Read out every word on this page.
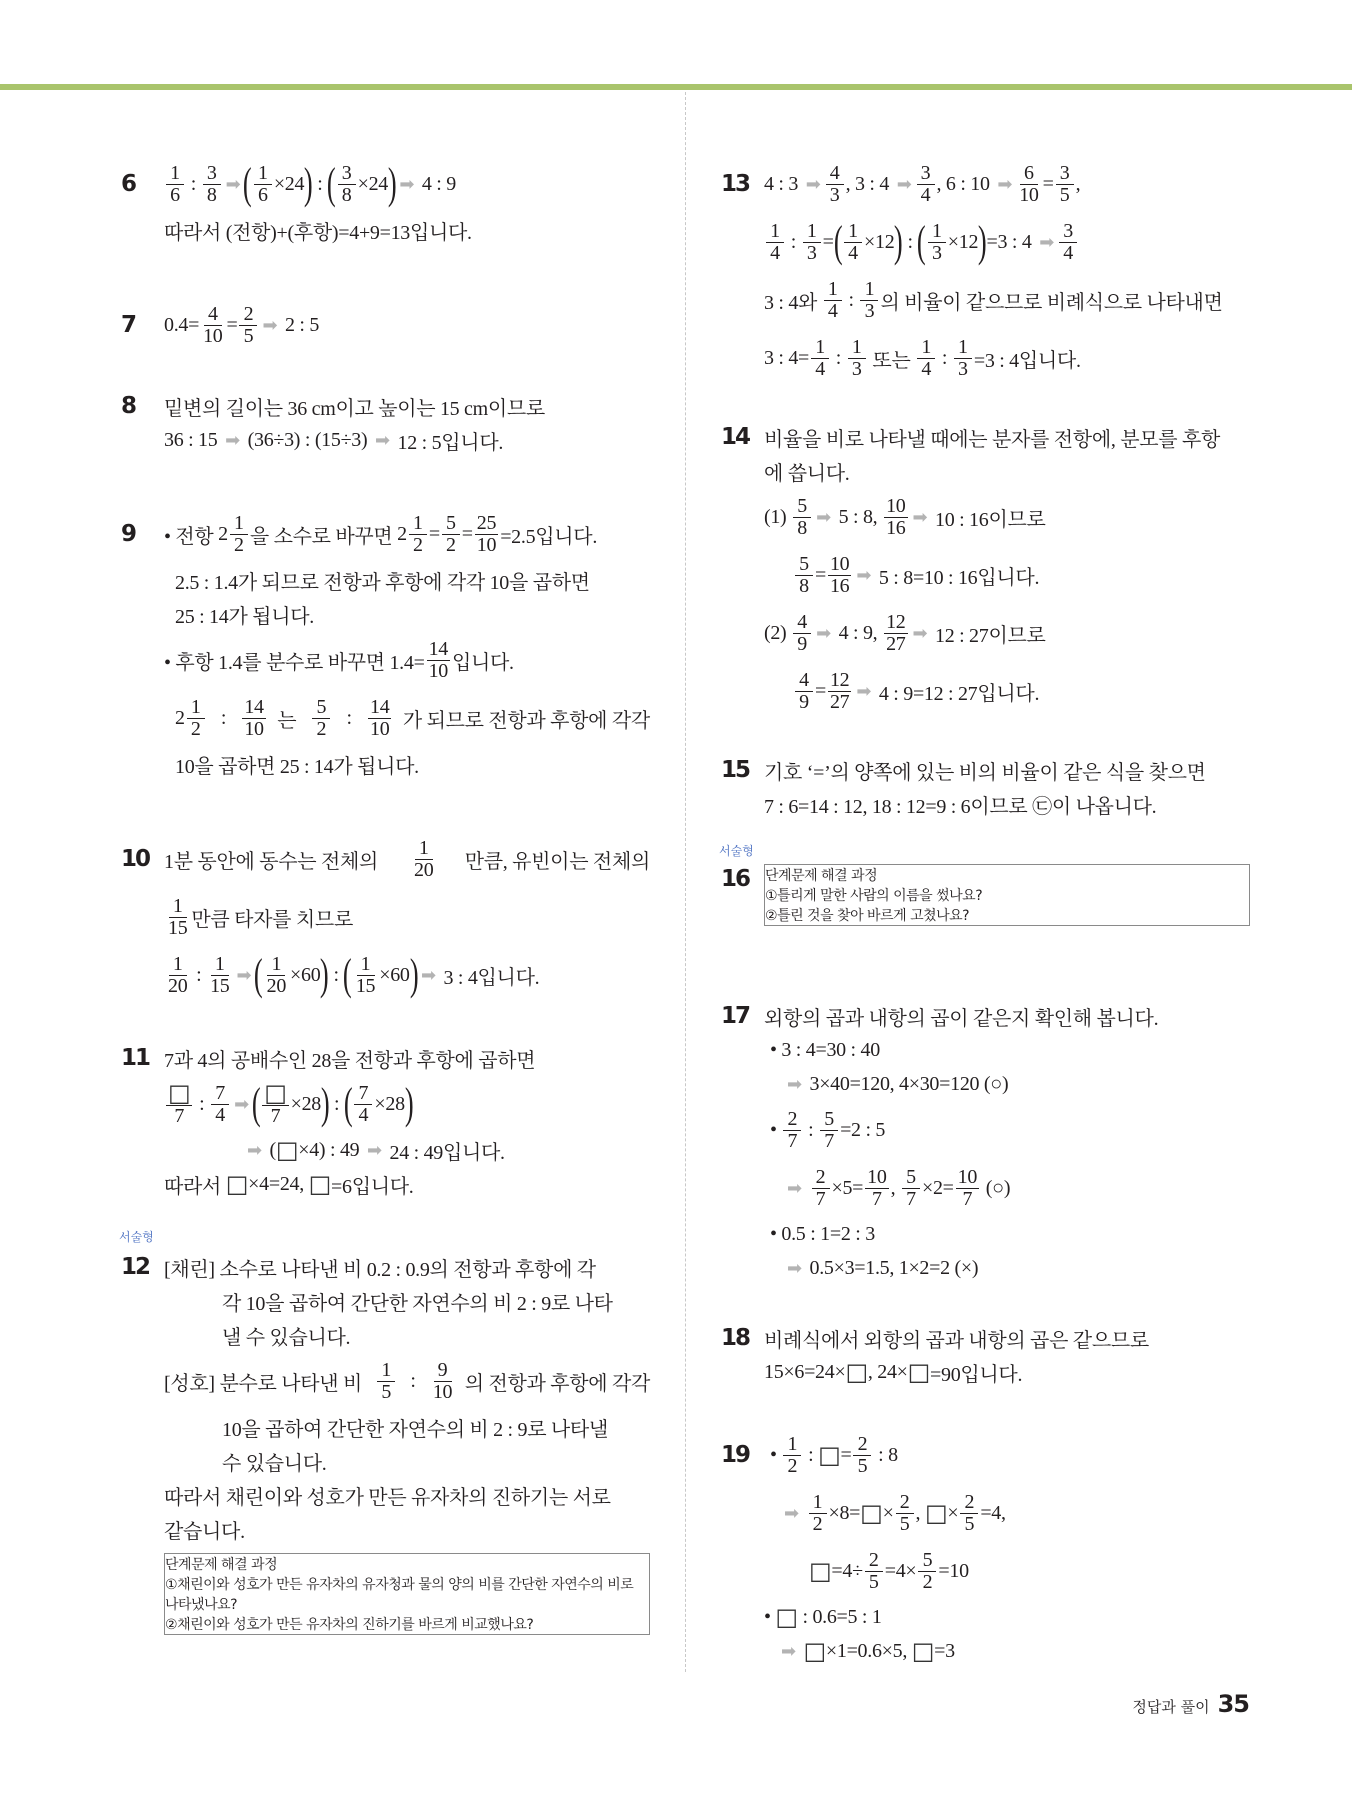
$6 \frac{1}{6}$ : $\frac{3}{8}$ ➡ ( $\frac{1}{6} \times 24$ ) : ( $\frac{3}{8} \times 24$ ) ➡ 4 : 9
따라서 (전항)+(후항)=4+9=13입니다.
7 $0.4= \frac{4}{10} = \frac{2}{5}$ ➡ 2 : 5
8 밑변의 길이는 36 cm이고 높이는 15 cm이므로
36 : 15 ➡ (36÷3) : (15÷3) ➡ 12 : 5입니다.
9 • 전항 $2 \frac{1}{2}$ 을 소수로 바꾸면 $2 \frac{1}{2} = \frac{5}{2} = \frac{25}{10} =2.5$입니다.
2.5 : 1.4가 되므로 전항과 후항에 각각 10을 곱하면
25 : 14가 됩니다.
• 후항 1.4를 분수로 바꾸면 $1.4= \frac{14}{10}$ 입니다.
$2 \frac{1}{2}$ : $\frac{14}{10}$ 는 $\frac{5}{2}$ : $\frac{14}{10}$ 가 되므로 전항과 후항에 각각
10을 곱하면 25 : 14가 됩니다.
10 1분 동안에 동수는 전체의 $\frac{1}{20}$ 만큼, 유빈이는 전체의
$\frac{1}{15}$ 만큼 타자를 치므로
$\frac{1}{20}$ : $\frac{1}{15}$ ➡ ( $\frac{1}{20} \times 60$ ) : ( $\frac{1}{15} \times 60$ ) ➡ 3 : 4입니다.
11 7과 4의 공배수인 28을 전항과 후항에 곱하면
$\frac{□}{7}$ : $\frac{7}{4}$ ➡ ( $\frac{□}{7} \times 28$ ) : ( $\frac{7}{4} \times 28$ )
➡ ( □ ×4) : 49 ➡ 24 : 49입니다.
따라서 □ ×4=24, □ =6입니다.
서술형
12 [채린] 소수로 나타낸 비 0.2 : 0.9의 전항과 후항에 각
각 10을 곱하여 간단한 자연수의 비 2 : 9로 나타
낼 수 있습니다.
[성호] 분수로 나타낸 비 $\frac{1}{5}$ : $\frac{9}{10}$ 의 전항과 후항에 각각
10을 곱하여 간단한 자연수의 비 2 : 9로 나타낼
수 있습니다.
따라서 채린이와 성호가 만든 유자차의 진하기는 서로
같습니다.
단계문제 해결 과정
①채린이와 성호가 만든 유자차의 유자청과 물의 양의 비를 간단한 자연수의 비로 나타냈나요?
②채린이와 성호가 만든 유자차의 진하기를 바르게 비교했나요?
13 4 : 3 ➡ $\frac{4}{3}$ , 3 : 4 ➡ $\frac{3}{4}$ , 6 : 10 ➡ $\frac{6}{10} = \frac{3}{5}$ ,
$\frac{1}{4}$ : $\frac{1}{3}$ = ( $\frac{1}{4} \times 12$ ) : ( $\frac{1}{3} \times 12$ ) =3 : 4 ➡ $\frac{3}{4}$
3 : 4와 $\frac{1}{4}$ : $\frac{1}{3}$ 의 비율이 같으므로 비례식으로 나타내면
3 : $4= \frac{1}{4}$ : $\frac{1}{3}$ 또는 $\frac{1}{4}$ : $\frac{1}{3} =3$ : 4입니다.
14 비율을 비로 나타낼 때에는 분자를 전항에, 분모를 후항
에 씁니다.
$(1) \frac{5}{8}$ ➡ 5 : 8, $\frac{10}{16}$ ➡ 10 : 16이므로
$\frac{5}{8} = \frac{10}{16}$ ➡ 5 : 8=10 : 16입니다.
$(2) \frac{4}{9}$ ➡ 4 : 9, $\frac{12}{27}$ ➡ 12 : 27이므로
$\frac{4}{9} = \frac{12}{27}$ ➡ 4 : 9=12 : 27입니다.
15 기호 ‘=’의 양쪽에 있는 비의 비율이 같은 식을 찾으면
7 : 6=14 : 12, 18 : 12=9 : 6이므로 ㉢이 나옵니다.
서술형
16 단계문제 해결 과정
①틀리게 말한 사람의 이름을 썼나요?
②틀린 것을 찾아 바르게 고쳤나요?
17 외항의 곱과 내항의 곱이 같은지 확인해 봅니다.
• 3 : 4=30 : 40
➡ 3×40=120, 4×30=120 (○)
• $\frac{2}{7}$ : $\frac{5}{7} =2$ : 5
➡
$\frac{2}{7} \times 5= \frac{10}{7}$ , $\frac{5}{7} \times 2= \frac{10}{7}$ (○)
• 0.5 : 1=2 : 3
➡ 0.5×3=1.5, 1×2=2 (×)
18 비례식에서 외항의 곱과 내항의 곱은 같으므로
15×6=24× □ , 24× □ =90입니다.
19 • $\frac{1}{2}$ : □ = $\frac{2}{5}$ : 8
➡
$\frac{1}{2} \times 8=$ □ × $\frac{2}{5}$ , □ × $\frac{2}{5} =4$,
□ $=4\div \frac{2}{5} =4\times \frac{5}{2} =10$
• □ : 0.6=5 : 1
➡
□ ×1=0.6×5, □ =3
정답과 풀이 35
